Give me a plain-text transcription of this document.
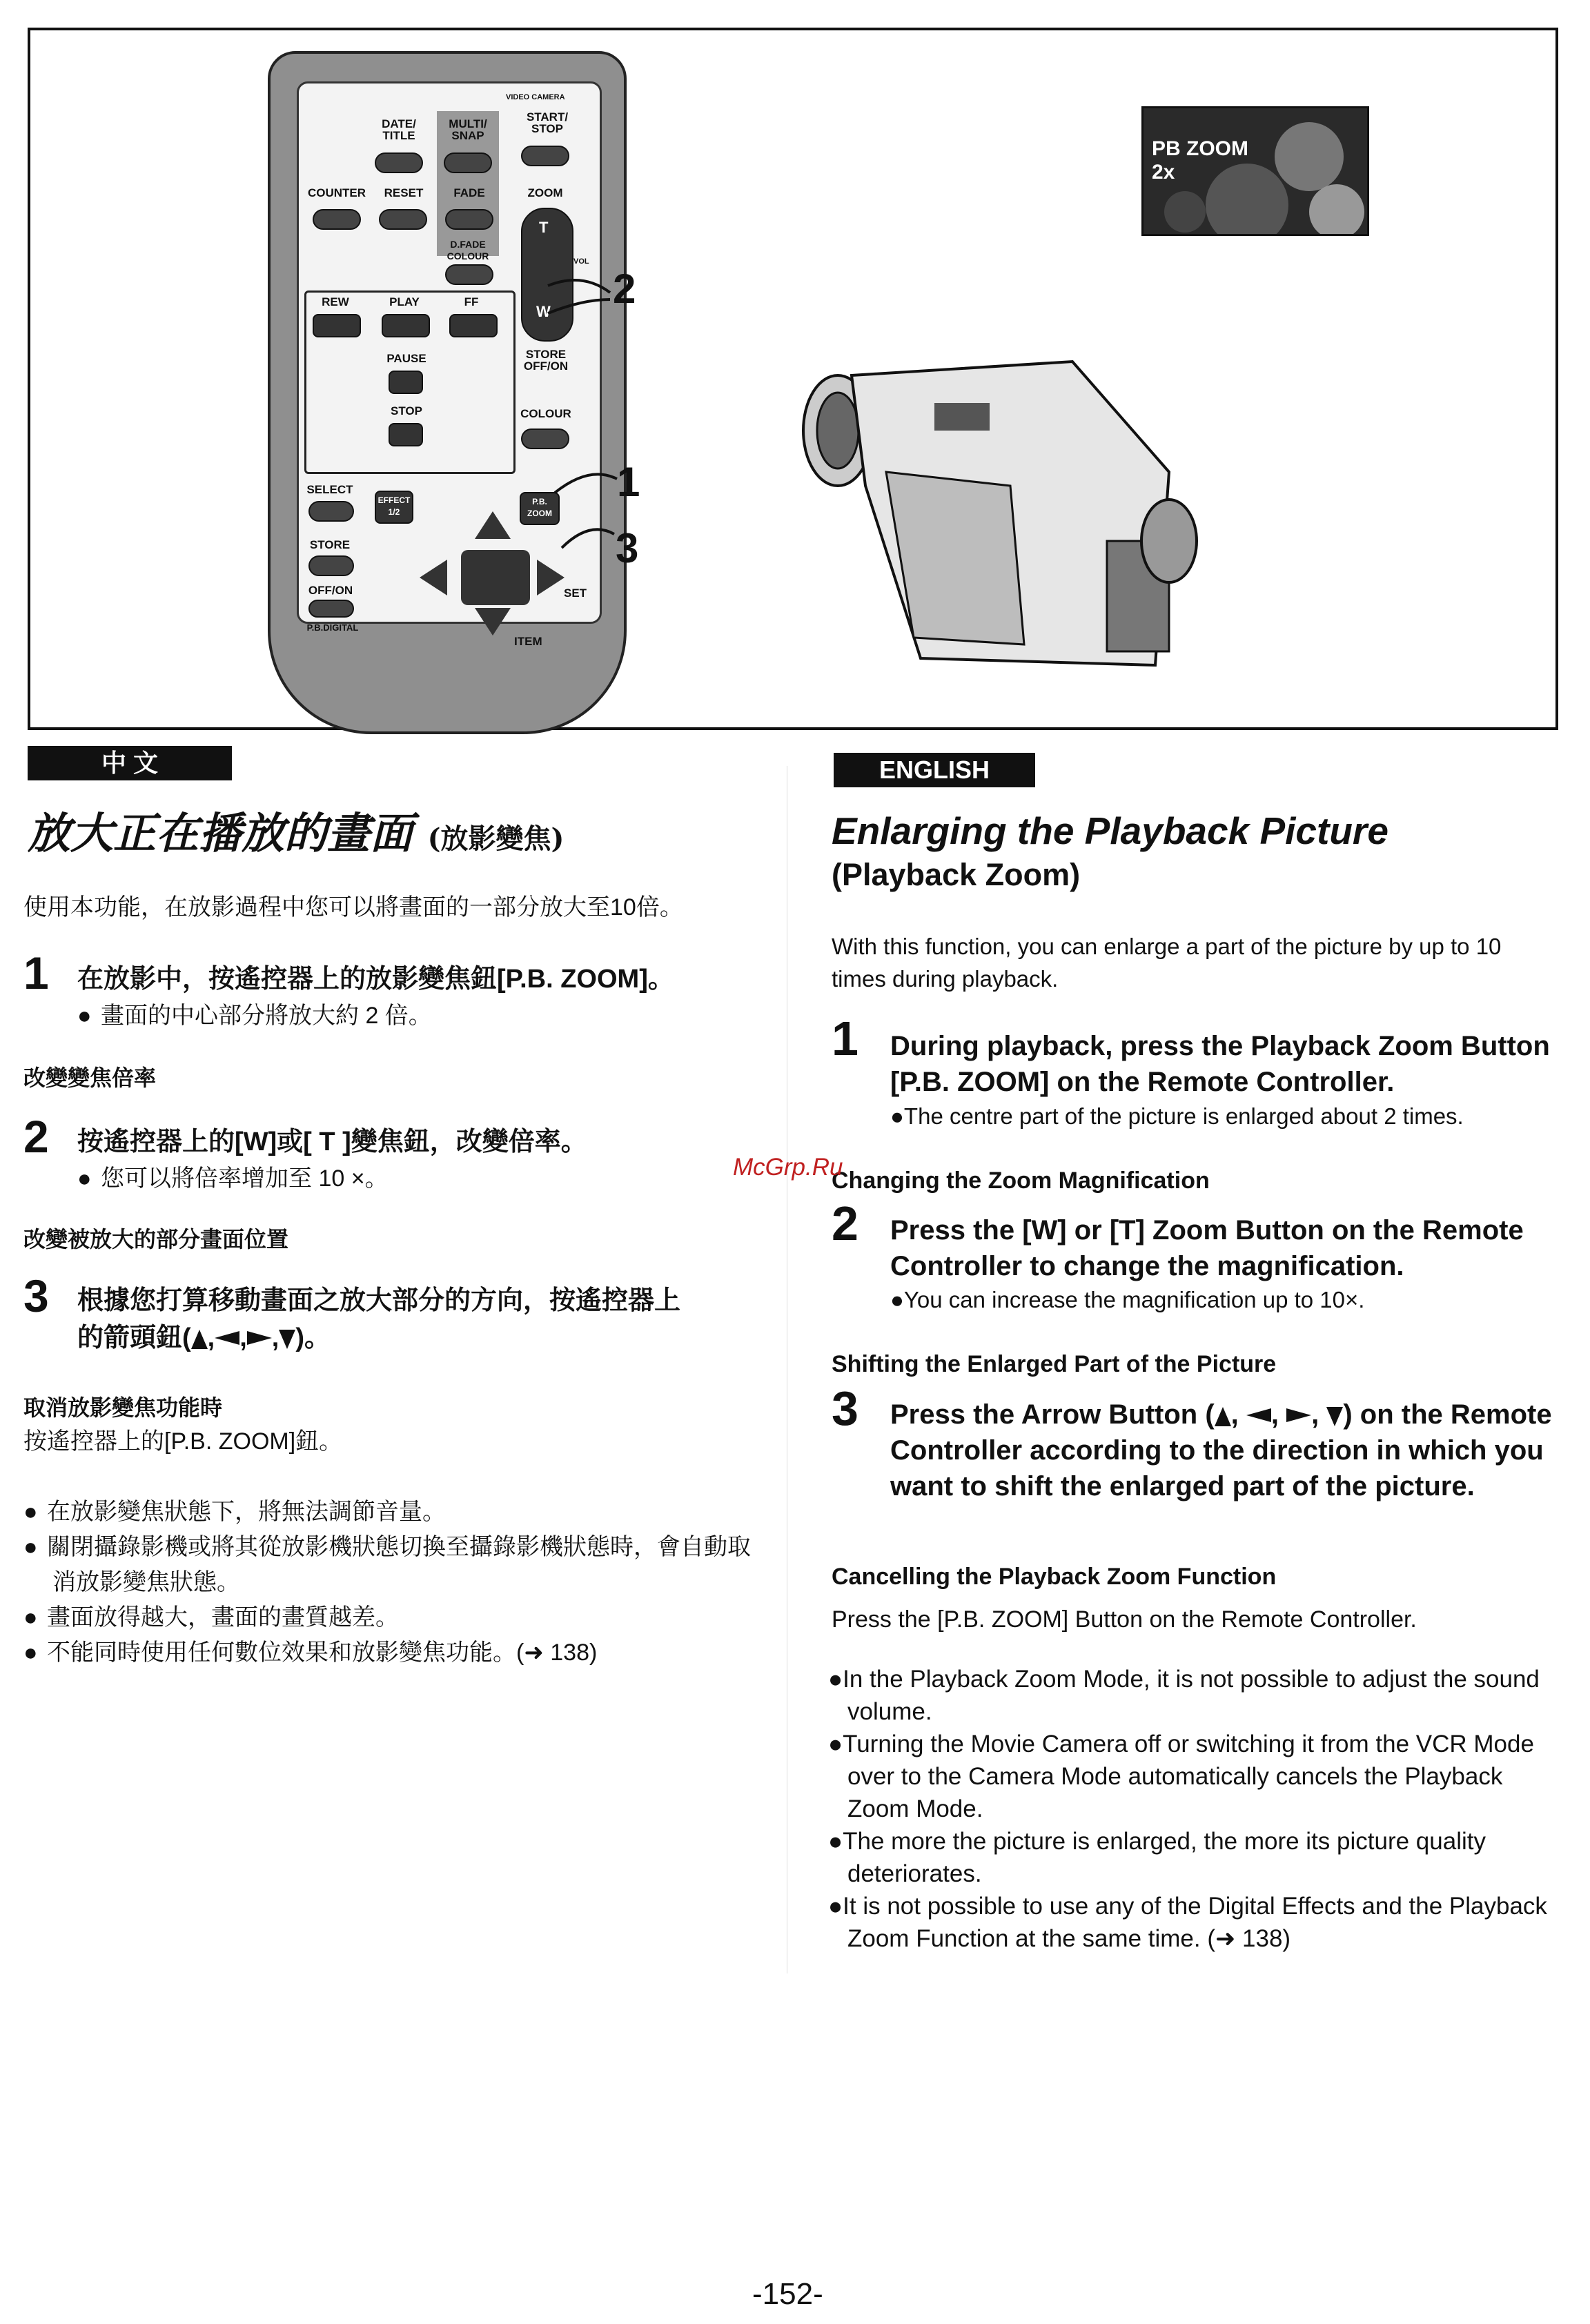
VIDEO CAMERA
DATE/
TITLE
MULTI/
SNAP
START/
STOP
COUNTER	RESET	FADE	ZOOM
D.FADE
COLOUR
T
W
VOL
REW	PLAY	FF
PAUSE
STOP
STORE
OFF/ON
COLOUR
SELECT
EFFECT
1/2
P.B.
ZOOM
STORE
OFF/ON
P.B.DIGITAL
SET
ITEM
2
1
3
PB ZOOM
2x
中 文
放大正在播放的畫面 (放影變焦)
使用本功能，在放影過程中您可以將畫面的一部分放大至10倍。
1 在放影中，按遙控器上的放影變焦鈕[P.B. ZOOM]。
● 畫面的中心部分將放大約 2 倍。
改變變焦倍率
2 按遙控器上的[W]或[ T ]變焦鈕，改變倍率。
● 您可以將倍率增加至 10 ×。
改變被放大的部分畫面位置
3 根據您打算移動畫面之放大部分的方向，按遙控器上
的箭頭鈕( , , , )。
取消放影變焦功能時
按遙控器上的[P.B. ZOOM]鈕。
● 在放影變焦狀態下，將無法調節音量。
● 關閉攝錄影機或將其從放影機狀態切換至攝錄影機狀態時，會自動取消放影變焦狀態。
● 畫面放得越大，畫面的畫質越差。
● 不能同時使用任何數位效果和放影變焦功能。(➜ 138)
ENGLISH
Enlarging the Playback Picture
(Playback Zoom)
With this function, you can enlarge a part of the picture by up to 10 times during playback.
1 During playback, press the Playback Zoom Button [P.B. ZOOM] on the Remote Controller.
●The centre part of the picture is enlarged about 2 times.
Changing the Zoom Magnification
2 Press the [W] or [T] Zoom Button on the Remote Controller to change the magnification.
●You can increase the magnification up to 10×.
Shifting the Enlarged Part of the Picture
3 Press the Arrow Button ( , , , ) on the Remote Controller according to the direction in which you want to shift the enlarged part of the picture.
Cancelling the Playback Zoom Function
Press the [P.B. ZOOM] Button on the Remote Controller.
●In the Playback Zoom Mode, it is not possible to adjust the sound volume.
●Turning the Movie Camera off or switching it from the VCR Mode over to the Camera Mode automatically cancels the Playback Zoom Mode.
●The more the picture is enlarged, the more its picture quality deteriorates.
●It is not possible to use any of the Digital Effects and the Playback Zoom Function at the same time. (➜ 138)
McGrp.Ru
-152-
